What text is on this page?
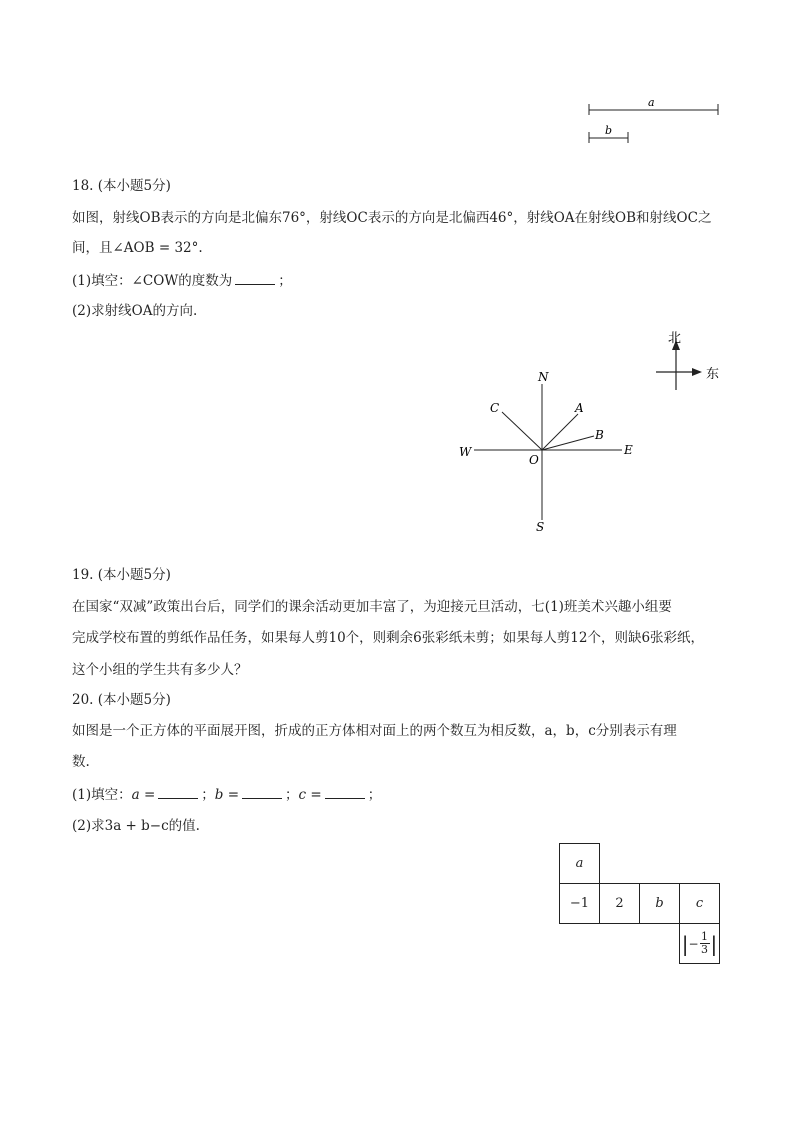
a
b
18. (本小题5分)
如图，射线OB表示的方向是北偏东76°，射线OC表示的方向是北偏西46°，射线OA在射线OB和射线OC之
间，且∠AOB = 32°.
(1)填空：∠COW的度数为	；
(2)求射线OA的方向.
北
东
N
S
E
W
O
C	A
B
19. (本小题5分)
在国家“双减”政策出台后，同学们的课余活动更加丰富了，为迎接元旦活动，七(1)班美术兴趣小组要
完成学校布置的剪纸作品任务，如果每人剪10个，则剩余6张彩纸未剪；如果每人剪12个，则缺6张彩纸，
这个小组的学生共有多少人？
20. (本小题5分)
如图是一个正方体的平面展开图，折成的正方体相对面上的两个数互为相反数，a，b，c分别表示有理
数.
(1)填空：a =	；b =	；c =	；
(2)求3a + b−c的值.
a
−1	2	b	c
| − 1
3 |
